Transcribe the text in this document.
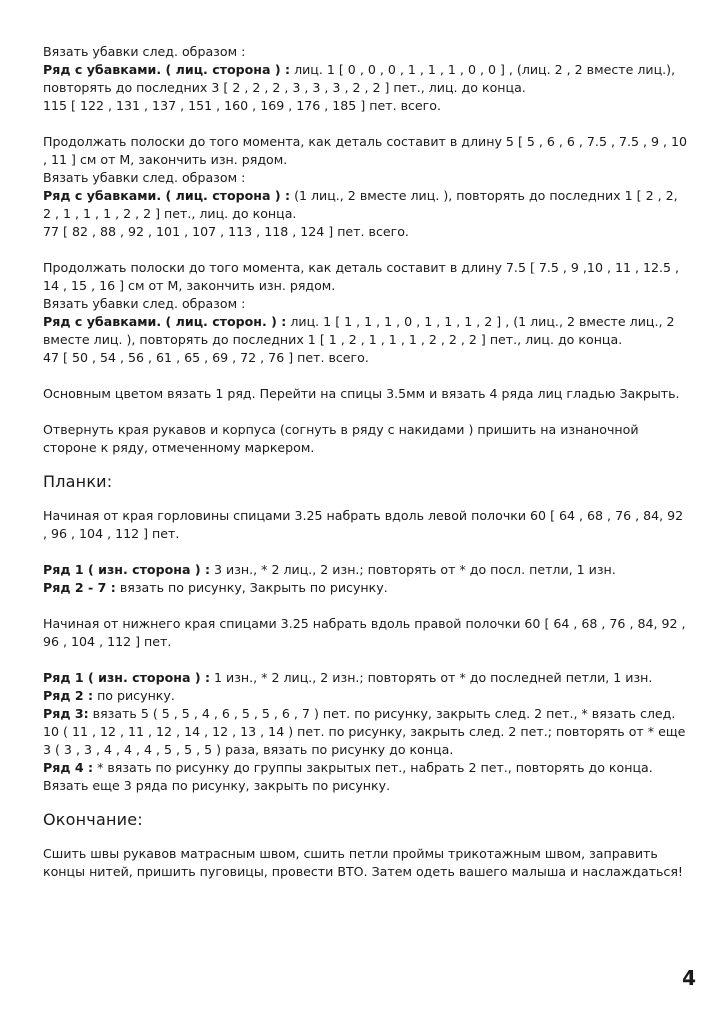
Вязать убавки след. образом :

Ряд с убавками. ( лиц. сторона ) : лиц. 1 [ 0 , 0 , 0 , 1 , 1 , 1 , 0 , 0 ] , (лиц. 2 , 2 вместе лиц.), повторять до последних 3 [ 2 , 2 , 2 , 3 , 3 , 3 , 2 , 2 ] пет., лиц. до конца.

115 [ 122 , 131 , 137 , 151 , 160 , 169 , 176 , 185 ] пет. всего.

Продолжать полоски до того момента, как деталь составит в длину 5 [ 5 , 6 , 6 , 7.5 , 7.5 , 9 , 10 , 11 ] см от М, закончить изн. рядом.

Вязать убавки след. образом :

Ряд с убавками. ( лиц. сторона ) : (1 лиц., 2 вместе лиц. ), повторять до последних 1 [ 2 , 2, 2 , 1 , 1 , 1 , 2 , 2 ] пет., лиц. до конца.

77 [ 82 , 88 , 92 , 101 , 107 , 113 , 118 , 124 ] пет. всего.

Продолжать полоски до того момента, как деталь составит в длину 7.5 [ 7.5 , 9 ,10 , 11 , 12.5 , 14 , 15 , 16 ] см от М, закончить изн. рядом.

Вязать убавки след. образом :

Ряд с убавками. ( лиц. сторон. ) : лиц. 1 [ 1 , 1 , 1 , 0 , 1 , 1 , 1 , 2 ] , (1 лиц., 2 вместе лиц., 2 вместе лиц. ), повторять до последних 1 [ 1 , 2 , 1 , 1 , 1 , 2 , 2 , 2 ] пет., лиц. до конца.

47 [ 50 , 54 , 56 , 61 , 65 , 69 , 72 , 76 ] пет. всего.

Основным цветом вязать 1 ряд. Перейти на спицы 3.5мм и вязать 4 ряда лиц гладью Закрыть.

Отвернуть края рукавов и корпуса (согнуть в ряду с накидами ) пришить на изнаночной стороне к ряду, отмеченному маркером.

Планки:

Начиная от края горловины спицами 3.25 набрать вдоль левой полочки 60 [ 64 , 68 , 76 , 84, 92 , 96 , 104 , 112 ] пет.

Ряд 1 ( изн. сторона ) : 3 изн., * 2 лиц., 2 изн.; повторять от * до посл. петли, 1 изн.

Ряд 2 - 7 : вязать по рисунку, Закрыть по рисунку.

Начиная от нижнего края спицами 3.25 набрать вдоль правой полочки 60 [ 64 , 68 , 76 , 84, 92 , 96 , 104 , 112 ] пет.

Ряд 1 ( изн. сторона ) : 1 изн., * 2 лиц., 2 изн.; повторять от * до последней петли, 1 изн.

Ряд 2 : по рисунку.

Ряд 3: вязать 5 ( 5 , 5 , 4 , 6 , 5 , 5 , 6 , 7 ) пет. по рисунку, закрыть след. 2 пет., * вязать след. 10 ( 11 , 12 , 11 , 12 , 14 , 12 , 13 , 14 ) пет. по рисунку, закрыть след. 2 пет.; повторять от * еще 3 ( 3 , 3 , 4 , 4 , 4 , 5 , 5 , 5 ) раза, вязать по рисунку до конца.

Ряд 4 : * вязать по рисунку до группы закрытых пет., набрать 2 пет., повторять до конца.

Вязать еще 3 ряда по рисунку, закрыть по рисунку.

Окончание:

Сшить швы рукавов матрасным швом, сшить петли проймы трикотажным швом, заправить концы нитей, пришить пуговицы, провести ВТО. Затем одеть вашего малыша и наслаждаться!

4
